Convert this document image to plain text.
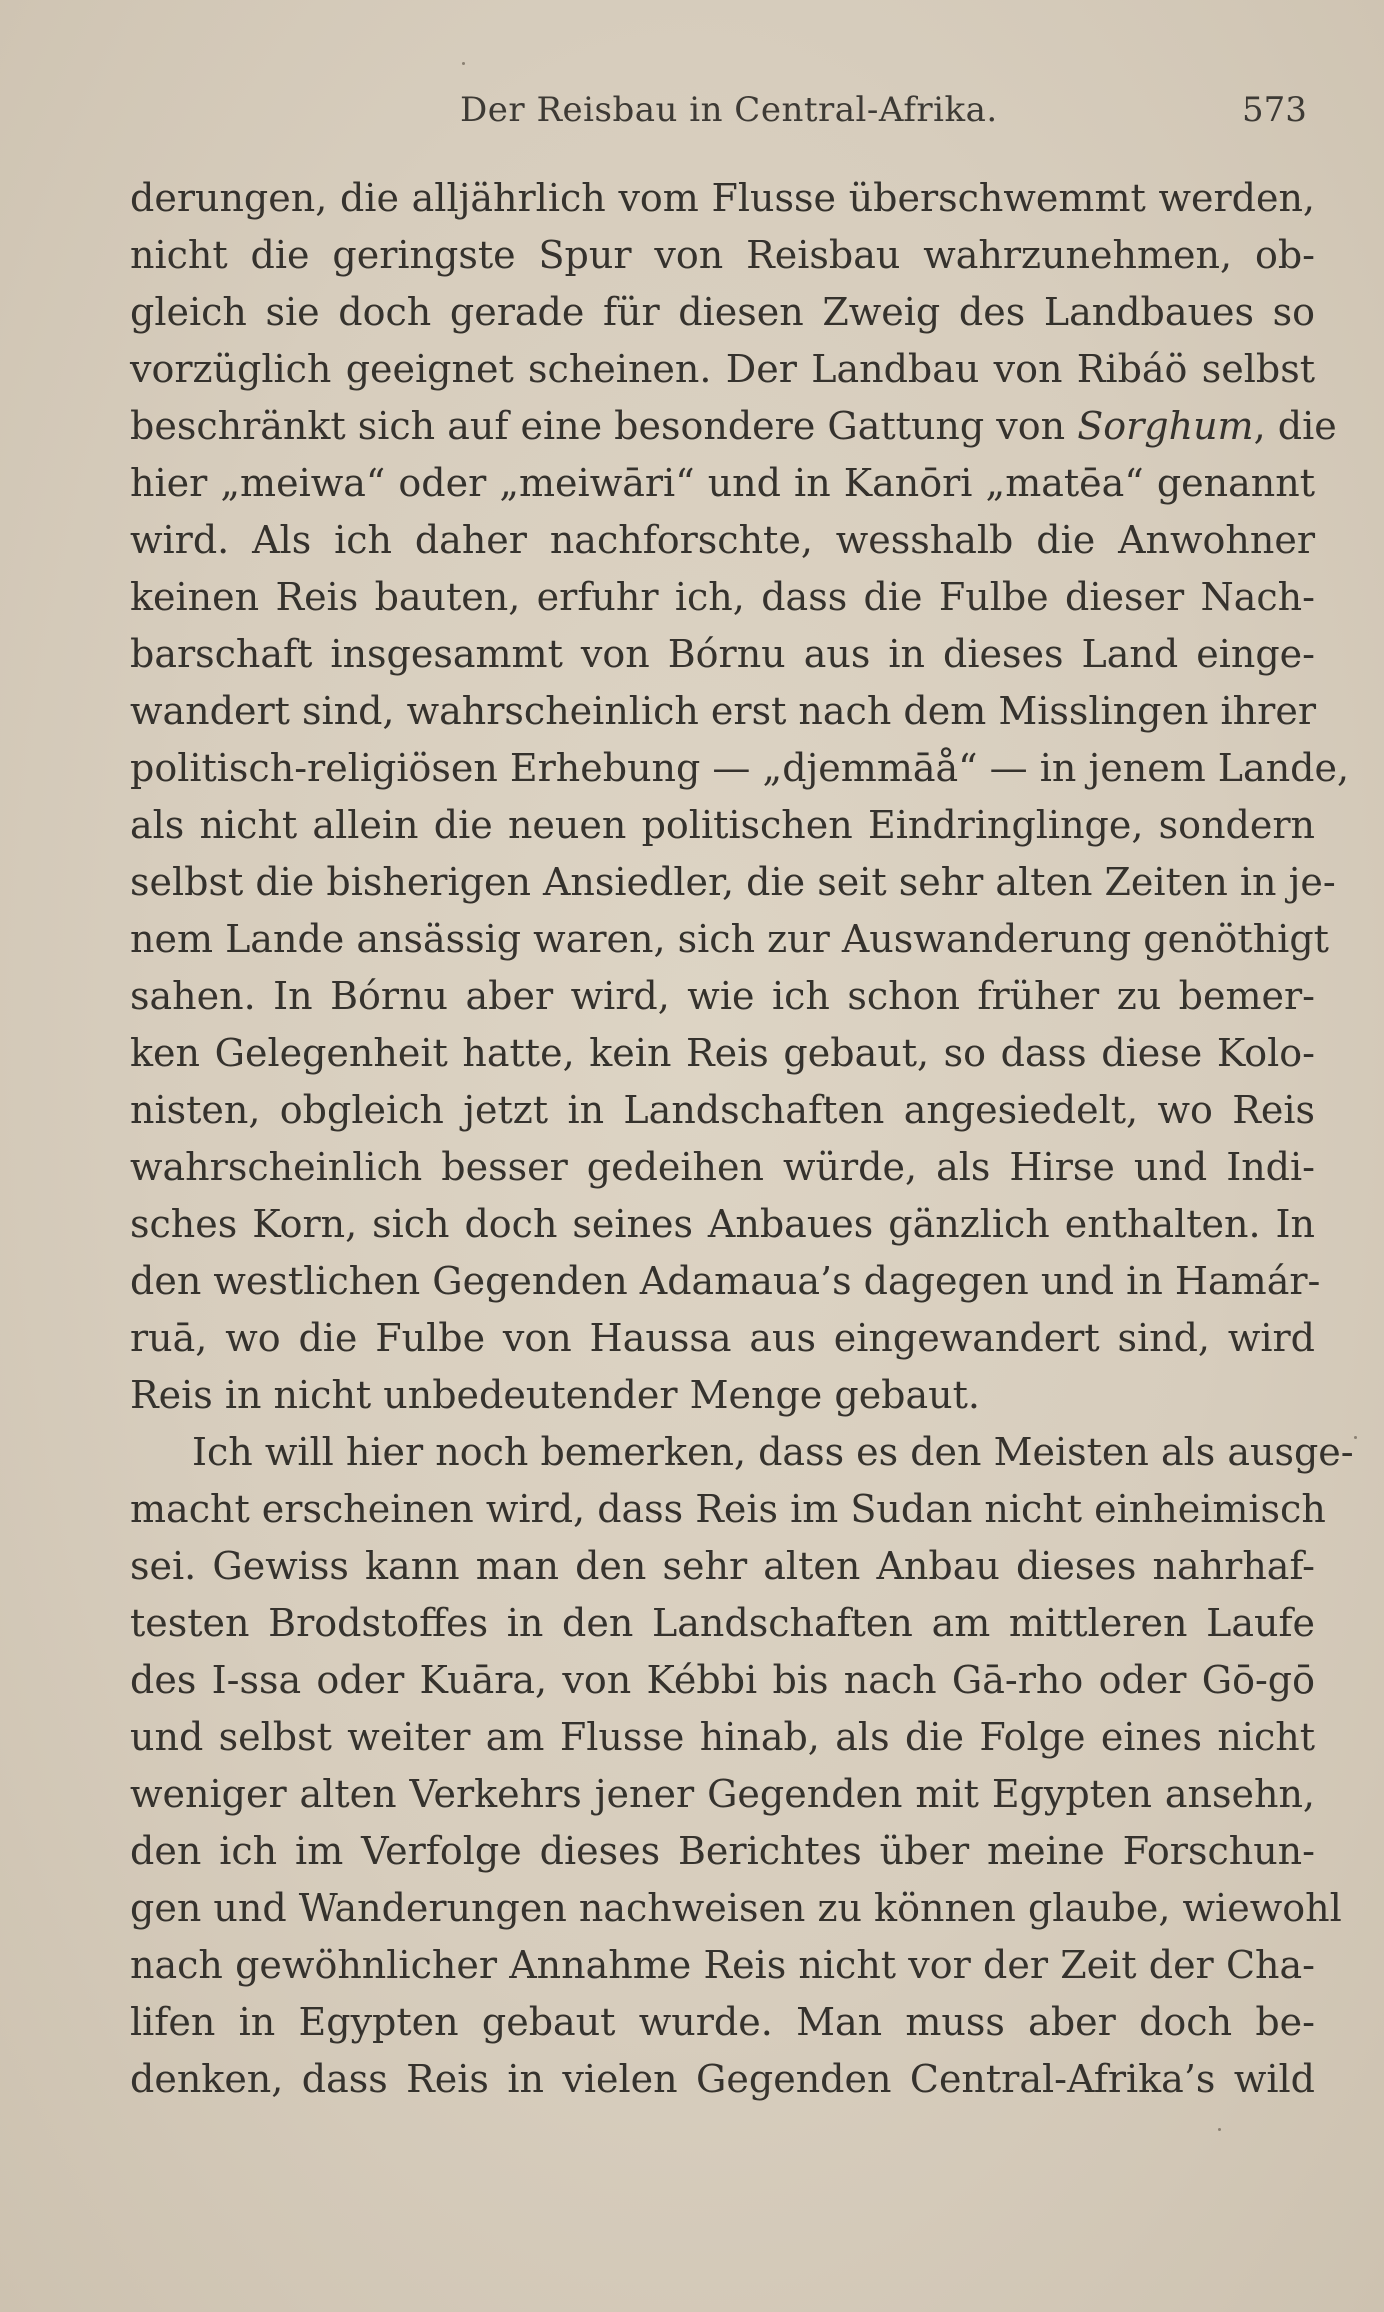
Der Reisbau in Central-Afrika.	573
derungen, die alljährlich vom Flusse überschwemmt werden,
nicht die geringste Spur von Reisbau wahrzunehmen, ob-
gleich sie doch gerade für diesen Zweig des Landbaues so
vorzüglich geeignet scheinen. Der Landbau von Ribáö selbst
beschränkt sich auf eine besondere Gattung von Sorghum, die
hier „meiwa“ oder „meiwāri“ und in Kanōri „matēa“ genannt
wird. Als ich daher nachforschte, wesshalb die Anwohner
keinen Reis bauten, erfuhr ich, dass die Fulbe dieser Nach-
barschaft insgesammt von Bórnu aus in dieses Land einge-
wandert sind, wahrscheinlich erst nach dem Misslingen ihrer
politisch-religiösen Erhebung — „djemmāå“ — in jenem Lande,
als nicht allein die neuen politischen Eindringlinge, sondern
selbst die bisherigen Ansiedler, die seit sehr alten Zeiten in je-
nem Lande ansässig waren, sich zur Auswanderung genöthigt
sahen. In Bórnu aber wird, wie ich schon früher zu bemer-
ken Gelegenheit hatte, kein Reis gebaut, so dass diese Kolo-
nisten, obgleich jetzt in Landschaften angesiedelt, wo Reis
wahrscheinlich besser gedeihen würde, als Hirse und Indi-
sches Korn, sich doch seines Anbaues gänzlich enthalten. In
den westlichen Gegenden Adamaua’s dagegen und in Hamár-
ruā, wo die Fulbe von Haussa aus eingewandert sind, wird
Reis in nicht unbedeutender Menge gebaut.
Ich will hier noch bemerken, dass es den Meisten als ausge-
macht erscheinen wird, dass Reis im Sudan nicht einheimisch
sei. Gewiss kann man den sehr alten Anbau dieses nahrhaf-
testen Brodstoffes in den Landschaften am mittleren Laufe
des I-ssa oder Kuāra, von Kébbi bis nach Gā-rho oder Gō-gō
und selbst weiter am Flusse hinab, als die Folge eines nicht
weniger alten Verkehrs jener Gegenden mit Egypten ansehn,
den ich im Verfolge dieses Berichtes über meine Forschun-
gen und Wanderungen nachweisen zu können glaube, wiewohl
nach gewöhnlicher Annahme Reis nicht vor der Zeit der Cha-
lifen in Egypten gebaut wurde. Man muss aber doch be-
denken, dass Reis in vielen Gegenden Central-Afrika’s wild
